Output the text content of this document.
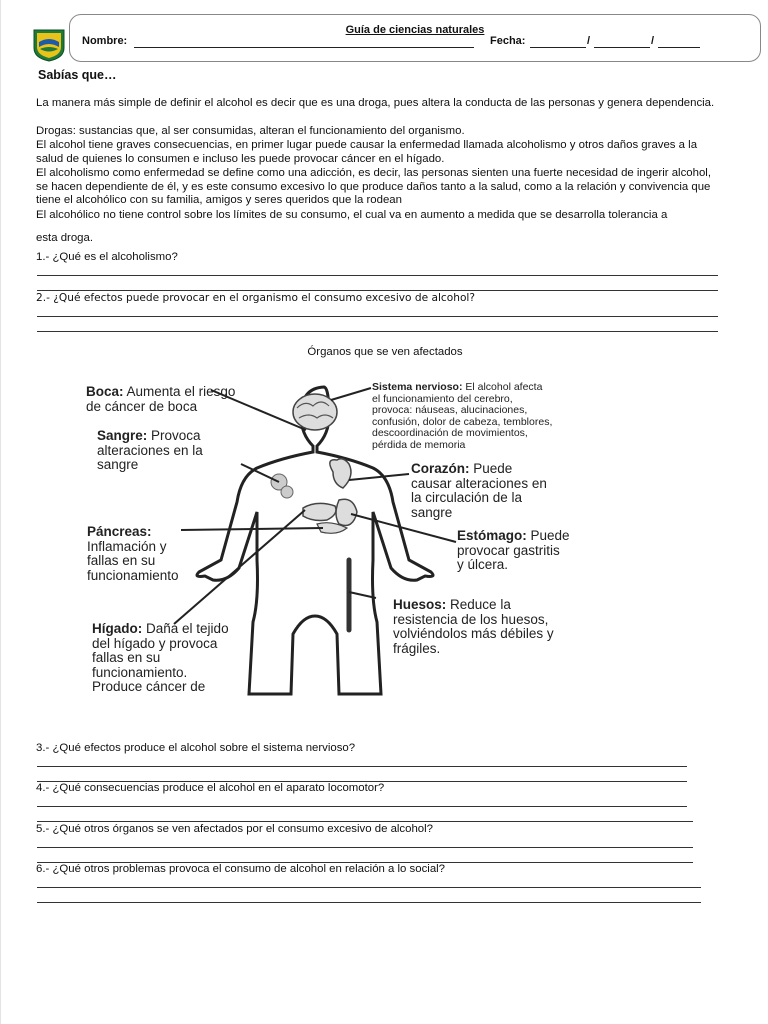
Guía de ciencias naturales
Nombre:	Fecha:	/	/
Sabías que…
La manera más simple de definir el alcohol es decir que es una droga, pues altera la conducta de las personas y genera dependencia.
Drogas: sustancias que, al ser consumidas, alteran el funcionamiento del organismo.
El alcohol tiene graves consecuencias, en primer lugar puede causar la enfermedad llamada alcoholismo y otros daños graves a la salud de quienes lo consumen e incluso les puede provocar cáncer en el hígado.
El alcoholismo como enfermedad se define como una adicción, es decir, las personas sienten una fuerte necesidad de ingerir alcohol, se hacen dependiente de él, y es este consumo excesivo lo que produce daños tanto a la salud, como a la relación y convivencia que tiene el alcohólico con su familia, amigos y seres queridos que la rodean
El alcohólico no tiene control sobre los límites de su consumo, el cual va en aumento a medida que se desarrolla tolerancia a
esta droga.
1.- ¿Qué es el alcoholismo?
2.- ¿Qué efectos puede provocar en el organismo el consumo excesivo de alcohol?
Órganos que se ven afectados
Boca: Aumenta el riesgo
de cáncer de boca
Sangre: Provoca
alteraciones en la
sangre
Páncreas:
Inflamación y
fallas en su
funcionamiento
Hígado: Daña el tejido
del hígado y provoca
fallas en su
funcionamiento.
Produce cáncer de
Sistema nervioso: El alcohol afecta
el funcionamiento del cerebro,
provoca: náuseas, alucinaciones,
confusión, dolor de cabeza, temblores,
descoordinación de movimientos,
pérdida de memoria
Corazón: Puede
causar alteraciones en
la circulación de la
sangre
Estómago: Puede
provocar gastritis
y úlcera.
Huesos: Reduce la
resistencia de los huesos,
volviéndolos más débiles y
frágiles.
3.- ¿Qué efectos produce el alcohol sobre el sistema nervioso?
4.- ¿Qué consecuencias produce el alcohol en el aparato locomotor?
5.- ¿Qué otros órganos se ven afectados por el consumo excesivo de alcohol?
6.- ¿Qué otros problemas provoca el consumo de alcohol en relación a lo social?
